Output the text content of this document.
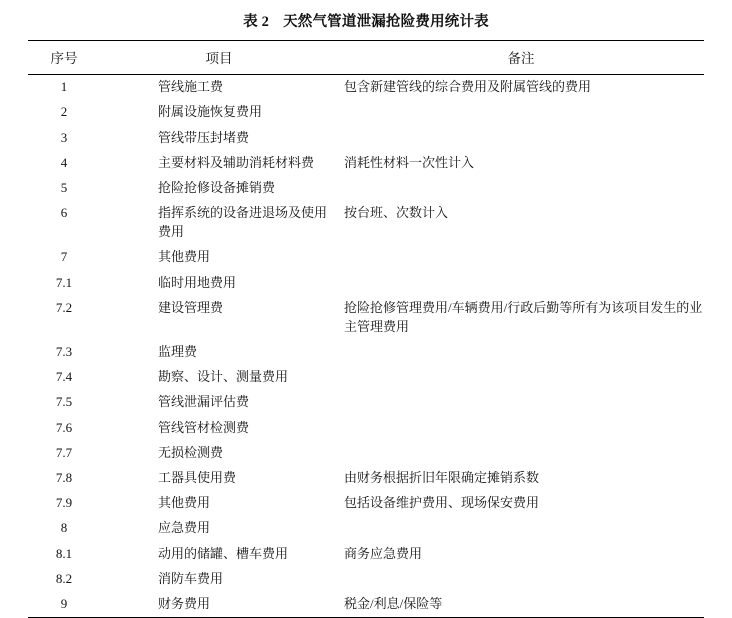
表 2 天然气管道泄漏抢险费用统计表
序号	项目	备注
1	管线施工费	包含新建管线的综合费用及附属管线的费用
2	附属设施恢复费用	
3	管线带压封堵费	
4	主要材料及辅助消耗材料费	消耗性材料一次性计入
5	抢险抢修设备摊销费	
6	指挥系统的设备进退场及使用费用	按台班、次数计入
7	其他费用	
7.1	临时用地费用	
7.2	建设管理费	抢险抢修管理费用/车辆费用/行政后勤等所有为该项目发生的业主管理费用
7.3	监理费	
7.4	勘察、设计、测量费用	
7.5	管线泄漏评估费	
7.6	管线管材检测费	
7.7	无损检测费	
7.8	工器具使用费	由财务根据折旧年限确定摊销系数
7.9	其他费用	包括设备维护费用、现场保安费用
8	应急费用	
8.1	动用的储罐、槽车费用	商务应急费用
8.2	消防车费用	
9	财务费用	税金/利息/保险等
